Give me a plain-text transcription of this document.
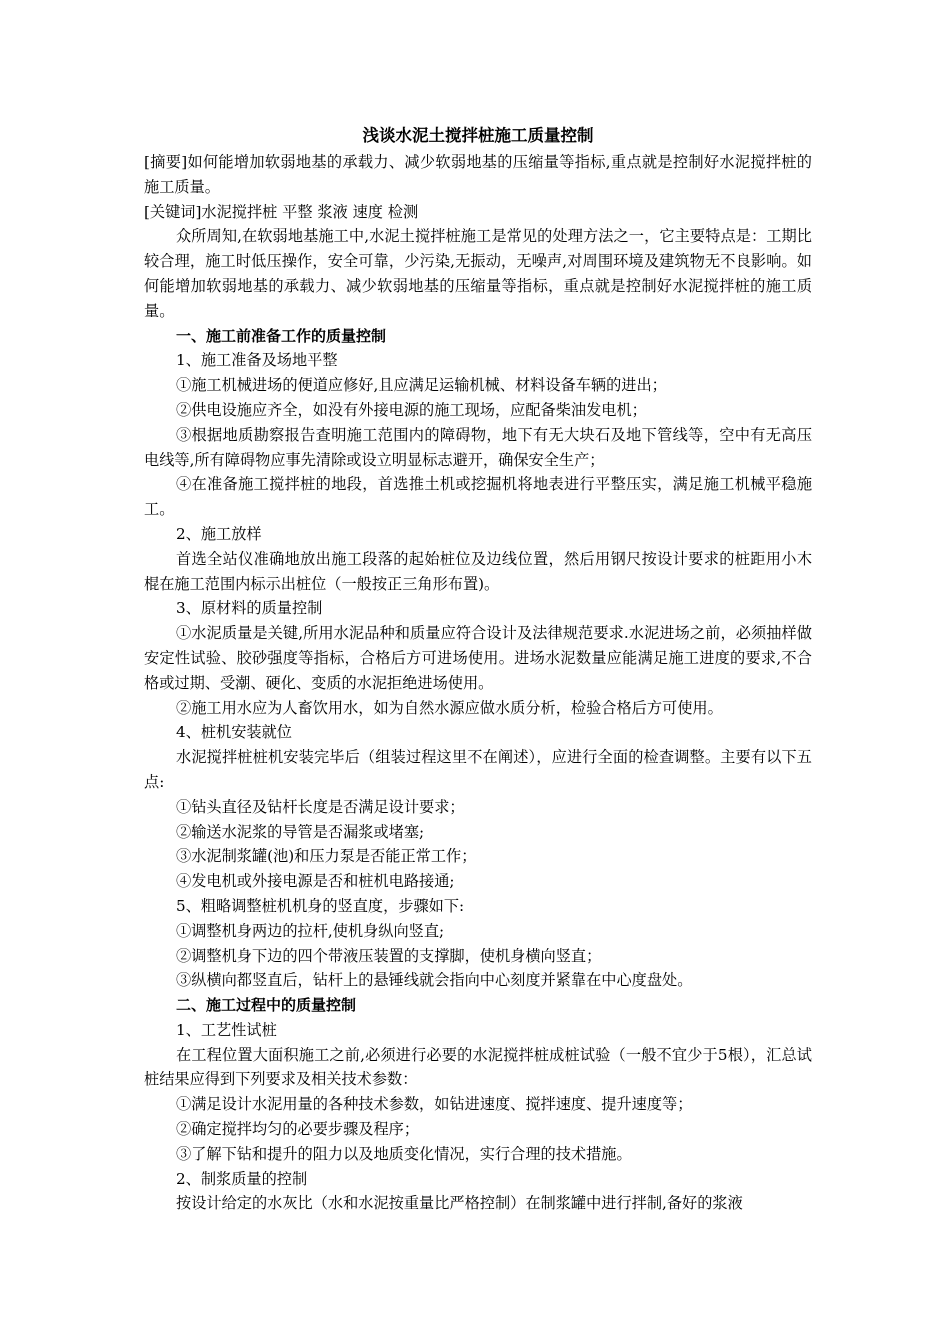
浅谈水泥土搅拌桩施工质量控制

[摘要]如何能增加软弱地基的承载力、减少软弱地基的压缩量等指标,重点就是控制好水泥搅拌桩的施工质量。

[关键词]水泥搅拌桩 平整 浆液 速度 检测

众所周知,在软弱地基施工中,水泥土搅拌桩施工是常见的处理方法之一，它主要特点是：工期比较合理，施工时低压操作，安全可靠，少污染,无振动，无噪声,对周围环境及建筑物无不良影响。如何能增加软弱地基的承载力、减少软弱地基的压缩量等指标，重点就是控制好水泥搅拌桩的施工质量。

一、施工前准备工作的质量控制

1、施工准备及场地平整

①施工机械进场的便道应修好,且应满足运输机械、材料设备车辆的进出；

②供电设施应齐全，如没有外接电源的施工现场，应配备柴油发电机；

③根据地质勘察报告查明施工范围内的障碍物，地下有无大块石及地下管线等，空中有无高压电线等,所有障碍物应事先清除或设立明显标志避开，确保安全生产；

④在准备施工搅拌桩的地段，首选推土机或挖掘机将地表进行平整压实，满足施工机械平稳施工。

2、施工放样

首选全站仪准确地放出施工段落的起始桩位及边线位置，然后用钢尺按设计要求的桩距用小木棍在施工范围内标示出桩位（一般按正三角形布置)。

3、原材料的质量控制

①水泥质量是关键,所用水泥品种和质量应符合设计及法律规范要求.水泥进场之前，必须抽样做安定性试验、胶砂强度等指标，合格后方可进场使用。进场水泥数量应能满足施工进度的要求,不合格或过期、受潮、硬化、变质的水泥拒绝进场使用。

②施工用水应为人畜饮用水，如为自然水源应做水质分析，检验合格后方可使用。

4、桩机安装就位

水泥搅拌桩桩机安装完毕后（组装过程这里不在阐述），应进行全面的检查调整。主要有以下五点:

①钻头直径及钻杆长度是否满足设计要求；

②输送水泥浆的导管是否漏浆或堵塞;

③水泥制浆罐(池)和压力泵是否能正常工作；

④发电机或外接电源是否和桩机电路接通;

5、粗略调整桩机机身的竖直度，步骤如下:

①调整机身两边的拉杆,使机身纵向竖直;

②调整机身下边的四个带液压装置的支撑脚，使机身横向竖直；

③纵横向都竖直后，钻杆上的悬锤线就会指向中心刻度并紧靠在中心度盘处。

二、施工过程中的质量控制

1、工艺性试桩

在工程位置大面积施工之前,必须进行必要的水泥搅拌桩成桩试验（一般不宜少于5根），汇总试桩结果应得到下列要求及相关技术参数：

①满足设计水泥用量的各种技术参数，如钻进速度、搅拌速度、提升速度等；

②确定搅拌均匀的必要步骤及程序；

③了解下钻和提升的阻力以及地质变化情况，实行合理的技术措施。

2、制浆质量的控制

按设计给定的水灰比（水和水泥按重量比严格控制）在制浆罐中进行拌制,备好的浆液
